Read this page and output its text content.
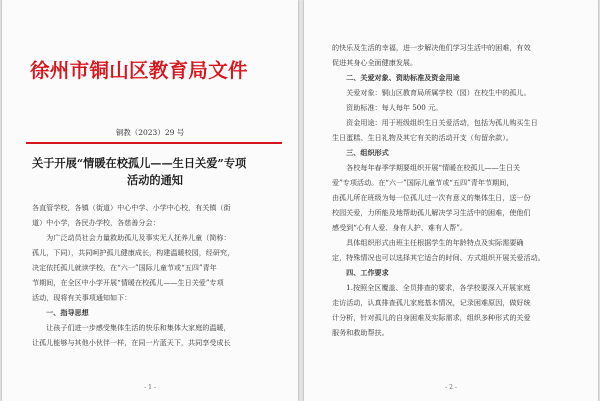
徐州市铜山区教育局文件
铜教（2023）29 号
关于开展“情暖在校孤儿——生日关爱”专项
活动的通知
各直管学校，各镇（街道）中心中学、小学中心校，有关镇（街
道）中小学，各民办学校，各慈善分会：
　　为广泛动员社会力量救助孤儿及事实无人抚养儿童（简称：
孤儿，下同），共同呵护孤儿健康成长，构建温暖校园，经研究，
决定依托孤儿就读学校，在“六一”国际儿童节或“五四”青年
节期间，在全区中小学开展“情暖在校孤儿——生日关爱”专项
活动，现将有关事项通知如下：
　　一、指导思想
　　让孩子们进一步感受集体生活的快乐和集体大家庭的温暖，
让孤儿能够与其他小伙伴一样，在同一片蓝天下，共同享受成长
- 1 -
的快乐及生活的幸福，进一步解决他们学习生活中的困难，有效
促进其身心全面健康发展。
　　二、关爱对象、资助标准及资金用途
　　关爱对象：铜山区教育局所属学校（园）在校生中的孤儿。
　　资助标准：每人每年 500 元。
　　资金用途：用于班级组织生日关爱活动，包括为孤儿购买生日
生日蛋糕、生日礼物及其它有关的活动开支（旬留余款）。
　　三、组织形式
　　各校每年春季学期要组织开展“情暖在校孤儿——生日关
爱”专项活动。在“六一”国际儿童节或“五四”青年节期间，
由孤儿所在班级为每一位孤儿过一次有意义的集体生日，送一份
校园关爱，力所能及地帮助孤儿解决学习生活中的困难，使他们
感受到“心有人爱、身有人护、难有人帮”。
　　具体组织形式由班主任根据学生的年龄特点及实际需要确
定，特殊情况也可以选择其它适合的时间、方式组织开展关爱活动。
　　四、工作要求
　　1.按照全区覆盖、全员排查的要求，各学校要深入开展家庭
走访活动，认真排查孤儿家庭基本情况，记录困难原因，做好统
计分析，针对孤儿的自身困难及实际需求，组织多种形式的关爱
服务和救助帮扶。
- 2 -
